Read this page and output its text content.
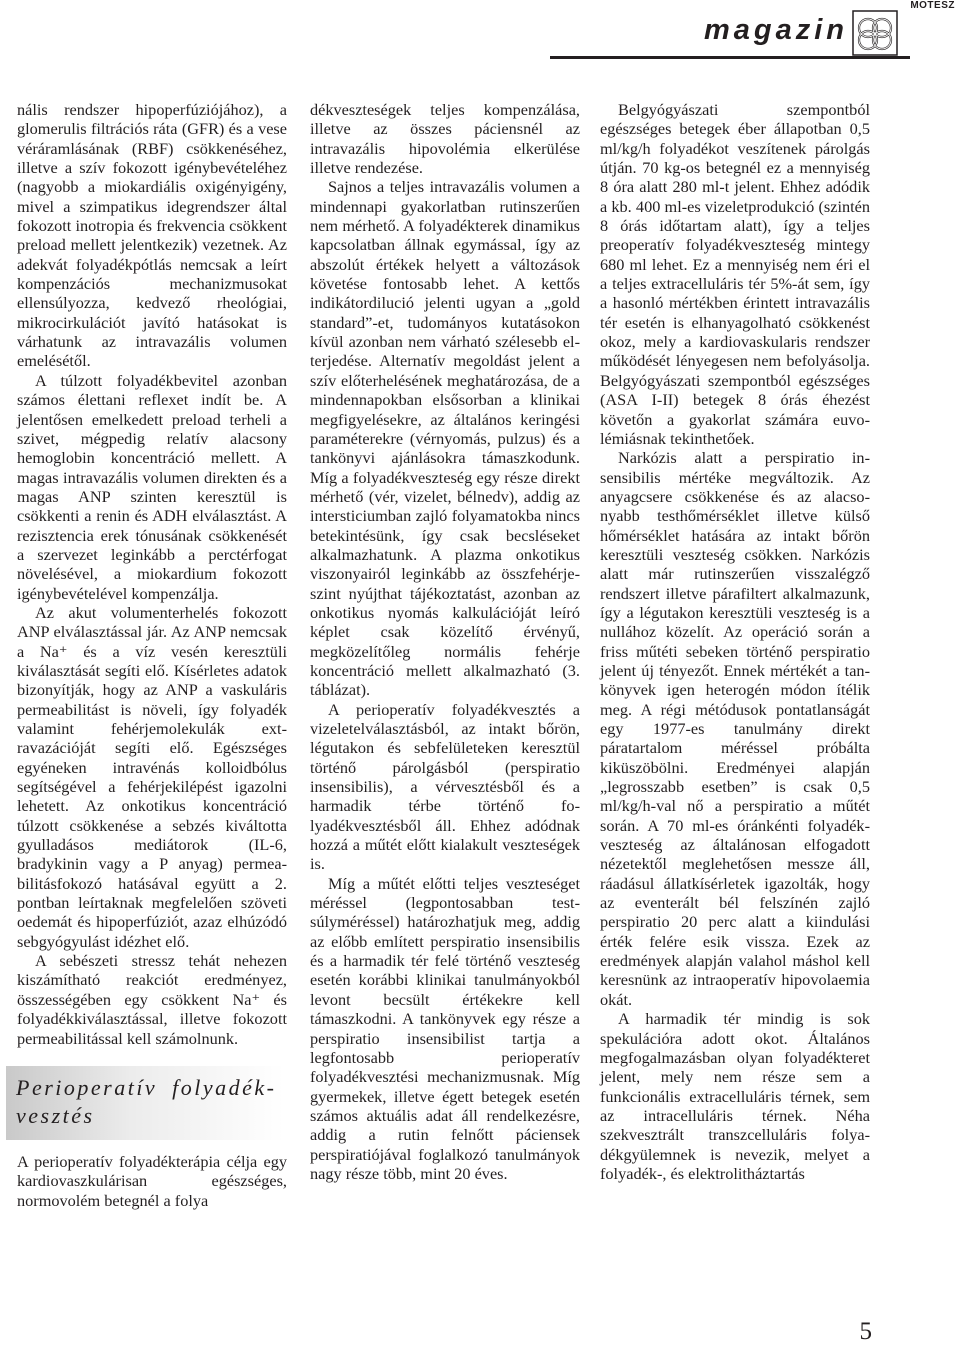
MOTESZ
magazin

nális rendszer hipoperfúziójához), a glomerulis filtrációs ráta (GFR) és a vese véráramlásának (RBF) csökkenéséhez, illetve a szív fokozott igénybevételéhez (nagyobb a miokardiális oxigényigény, mivel a szimpatikus idegrendszer által fokozott inotropia és frekvencia csökkent preload mellett jelentkezik) vezetnek. Az adekvát folyadékpótlás nemcsak a leírt kompenzációs mechanizmusokat ellensúlyozza, kedvező rheológiai, mikrocirkulációt javító hatásokat is várhatunk az intravazális volumen emelésétől.

A túlzott folyadékbevitel azonban számos élettani reflexet indít be. A jelentősen emelkedett preload terheli a szivet, mégpedig relatív alacsony hemoglobin koncentráció mellett. A magas intravazális volumen direkten és a magas ANP szinten keresztül is csökkenti a renin és ADH elválasztást. A rezisztencia erek tónusának csökkenését a szervezet leginkább a perctérfogat növelésével, a miokardium fokozott igénybevételével kompenzálja.

Az akut volumenterhelés fokozott ANP elválasztással jár. Az ANP nemcsak a Na⁺ és a víz vesén keresztüli kiválasztását segíti elő. Kísérletes adatok bizonyítják, hogy az ANP a vaskuláris permeabilitást is növeli, így folyadék valamint fehérjemolekulák extravazációját segíti elő. Egészséges egyéneken intravénás kolloidbólus segítségével a fehérjekilépést igazolni lehetett. Az onkotikus koncentráció túlzott csökkenése a sebzés kiváltotta gyulladásos mediátorok (IL-6, bradykinin vagy a P anyag) permeabilitásfokozó hatásával együtt a 2. pontban leírtaknak megfelelően szöveti oedemát és hipoperfúziót, azaz elhúzódó sebgyógyulást idézhet elő.

A sebészeti stressz tehát nehezen kiszámítható reakciót eredményez, összességében egy csökkent Na⁺ és folyadékkiválasztással, illetve fokozott permeabilitással kell számolnunk.

Perioperatív folyadékvesztés

A perioperatív folyadékterápia célja egy kardiovaszkulárisan egészséges, normovolém betegnél a folya

dékveszteségek teljes kompenzálása, illetve az összes páciensnél az intravazális hipovolémia elkerülése illetve rendezése.

Sajnos a teljes intravazális volumen a mindennapi gyakorlatban rutinszerűen nem mérhető. A folyadékterek dinamikus kapcsolatban állnak egymással, így az abszolút értékek helyett a változások követése fontosabb lehet. A kettős indikátordilució jelenti ugyan a „gold standard”-et, tudományos kutatásokon kívül azonban nem várható szélesebb elterjedése. Alternatív megoldást jelent a szív előterhelésének meghatározása, de a mindennapokban elsősorban a klinikai megfigyelésekre, az általános keringési paraméterekre (vérnyomás, pulzus) és a tankönyvi ajánlásokra támaszkodunk. Míg a folyadékveszteség egy része direkt mérhető (vér, vizelet, bélnedv), addig az intersticiumban zajló folyamatokba nincs betekintésünk, így csak becsléseket alkalmazhatunk. A plazma onkotikus viszonyairól leginkább az összfehérje-szint nyújthat tájékoztatást, azonban az onkotikus nyomás kalkulációját leíró képlet csak közelítő érvényű, megközelítőleg normális fehérje koncentráció mellett alkalmazható (3. táblázat).

A perioperatív folyadékvesztés a vizeletelválasztásból, az intakt bőrön, légutakon és sebfelületeken keresztül történő párolgásból (perspiratio insensibilis), a vérvesztésből és a harmadik térbe történő folyadékvesztésből áll. Ehhez adódnak hozzá a műtét előtt kialakult veszteségek is.

Míg a műtét előtti teljes veszteséget méréssel (legpontosabban testsúlyméréssel) határozhatjuk meg, addig az előbb említett perspiratio insensibilis és a harmadik tér felé történő veszteség esetén korábbi klinikai tanulmányokból levont becsült értékekre kell támaszkodni. A tankönyvek egy része a perspiratio insensibilist tartja a legfontosabb perioperatív folyadékvesztési mechanizmusnak. Míg gyermekek, illetve égett betegek esetén számos aktuális adat áll rendelkezésre, addig a rutin felnőtt páciensek perspiratiójával foglalkozó tanulmányok nagy része több, mint 20 éves.

Belgyógyászati szempontból egészséges betegek éber állapotban 0,5 ml/kg/h folyadékot veszítenek párolgás útján. 70 kg-os betegnél ez a mennyiség 8 óra alatt 280 ml-t jelent. Ehhez adódik a kb. 400 ml-es vizeletprodukció (szintén 8 órás időtartam alatt), így a teljes preoperatív folyadékveszteség mintegy 680 ml lehet. Ez a mennyiség nem éri el a teljes extracelluláris tér 5%-át sem, így a hasonló mértékben érintett intravazális tér esetén is elhanyagolható csökkenést okoz, mely a kardiovaskularis rendszer működését lényegesen nem befolyásolja. Belgyógyászati szempontból egészséges (ASA I-II) betegek 8 órás éhezést követőn a gyakorlat számára euvolémiásnak tekinthetőek.

Narkózis alatt a perspiratio insensibilis mértéke megváltozik. Az anyagcsere csökkenése és az alacsonyabb testhőmérséklet illetve külső hőmérséklet hatására az intakt bőrön keresztüli veszteség csökken. Narkózis alatt már rutinszerűen visszalégző rendszert illetve párafiltert alkalmazunk, így a légutakon keresztüli veszteség is a nullához közelít. Az operáció során a friss műtéti sebeken történő perspiratio jelent új tényezőt. Ennek mértékét a tankönyvek igen heterogén módon ítélik meg. A régi métódusok pontatlanságát egy 1977-es tanulmány direkt páratartalom méréssel próbálta kiküszöbölni. Eredményei alapján „legrosszabb esetben” is csak 0,5 ml/kg/h-val nő a perspiratio a műtét során. A 70 ml-es óránkénti folyadékveszteség az általánosan elfogadott nézetektől meglehetősen messze áll, ráadásul állatkísérletek igazolták, hogy az eventerált bél felszínén zajló perspiratio 20 perc alatt a kiindulási érték felére esik vissza. Ezek az eredmények alapján valahol máshol kell keresnünk az intraoperatív hipovolaemia okát.

A harmadik tér mindig is sok spekulációra adott okot. Általános megfogalmazásban olyan folyadékteret jelent, mely nem része sem a funkcionális extracelluláris térnek, sem az intracelluláris térnek. Néha szekvesztrált transzcelluláris folyadékgyülemnek is nevezik, melyet a folyadék-, és elektrolitháztartás

5
